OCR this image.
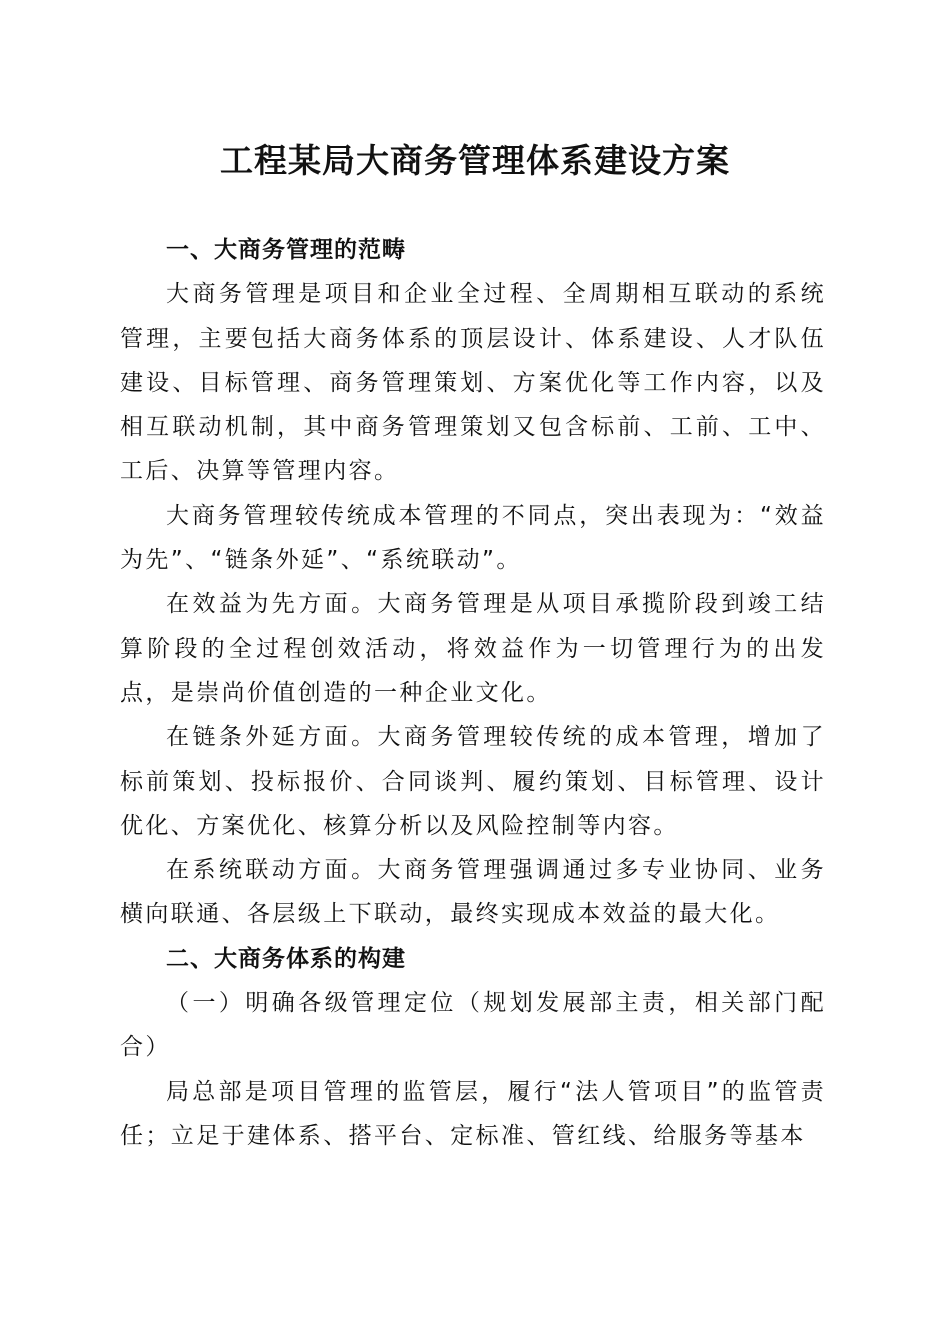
工程某局大商务管理体系建设方案
一、大商务管理的范畴

大商务管理是项目和企业全过程、全周期相互联动的系统管理，主要包括大商务体系的顶层设计、体系建设、人才队伍建设、目标管理、商务管理策划、方案优化等工作内容，以及相互联动机制，其中商务管理策划又包含标前、工前、工中、工后、决算等管理内容。

大商务管理较传统成本管理的不同点，突出表现为：“效益为先”、“链条外延”、“系统联动”。

在效益为先方面。大商务管理是从项目承揽阶段到竣工结算阶段的全过程创效活动，将效益作为一切管理行为的出发点，是崇尚价值创造的一种企业文化。

在链条外延方面。大商务管理较传统的成本管理，增加了标前策划、投标报价、合同谈判、履约策划、目标管理、设计优化、方案优化、核算分析以及风险控制等内容。

在系统联动方面。大商务管理强调通过多专业协同、业务横向联通、各层级上下联动，最终实现成本效益的最大化。

二、大商务体系的构建
（一）明确各级管理定位（规划发展部主责，相关部门配合）

局总部是项目管理的监管层，履行“法人管项目”的监管责任；立足于建体系、搭平台、定标准、管红线、给服务等基本
